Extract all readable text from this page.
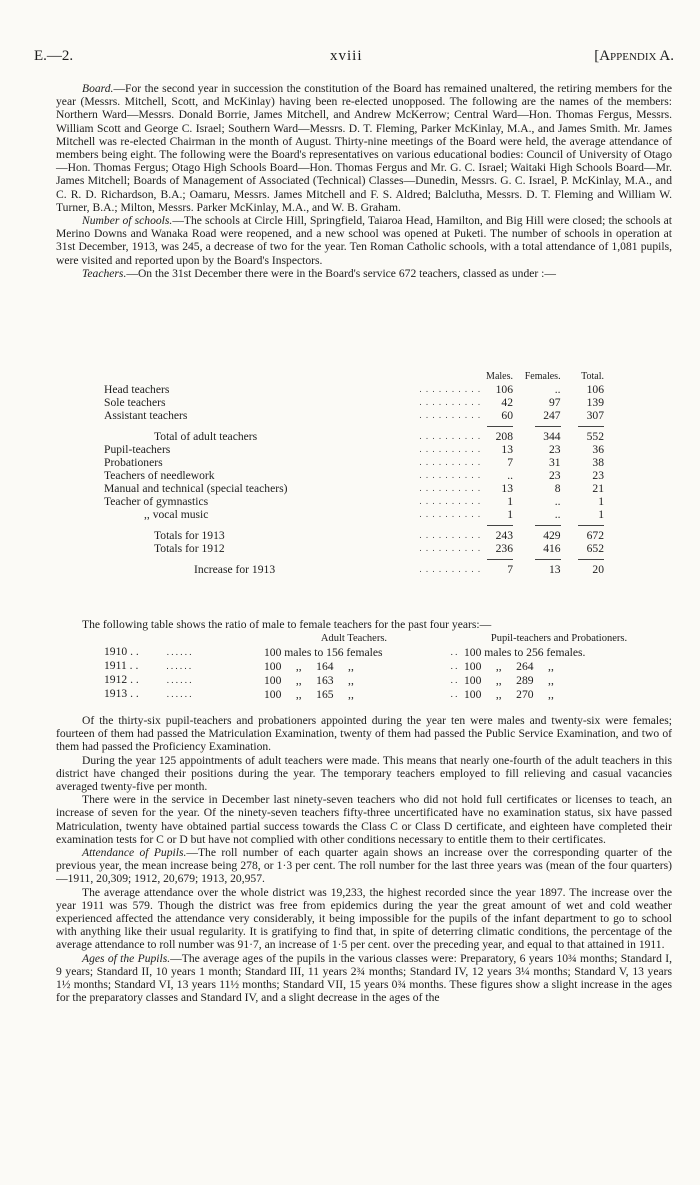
E.—2.	xviii	[Appendix A.

Board.—For the second year in succession the constitution of the Board has remained unaltered, the retiring members for the year (Messrs. Mitchell, Scott, and McKinlay) having been re-elected unopposed. The following are the names of the members: Northern Ward—Messrs. Donald Borrie, James Mitchell, and Andrew McKerrow; Central Ward—Hon. Thomas Fergus, Messrs. William Scott and George C. Israel; Southern Ward—Messrs. D. T. Fleming, Parker McKinlay, M.A., and James Smith. Mr. James Mitchell was re-elected Chairman in the month of August. Thirty-nine meetings of the Board were held, the average attendance of members being eight. The following were the Board's representatives on various educational bodies: Council of University of Otago—Hon. Thomas Fergus; Otago High Schools Board—Hon. Thomas Fergus and Mr. G. C. Israel; Waitaki High Schools Board—Mr. James Mitchell; Boards of Management of Associated (Technical) Classes—Dunedin, Messrs. G. C. Israel, P. McKinlay, M.A., and C. R. D. Richardson, B.A.; Oamaru, Messrs. James Mitchell and F. S. Aldred; Balclutha, Messrs. D. T. Fleming and William W. Turner, B.A.; Milton, Messrs. Parker McKinlay, M.A., and W. B. Graham.

Number of schools.—The schools at Circle Hill, Springfield, Taiaroa Head, Hamilton, and Big Hill were closed; the schools at Merino Downs and Wanaka Road were reopened, and a new school was opened at Puketi. The number of schools in operation at 31st December, 1913, was 245, a decrease of two for the year. Ten Roman Catholic schools, with a total attendance of 1,081 pupils, were visited and reported upon by the Board's Inspectors.

Teachers.—On the 31st December there were in the Board's service 672 teachers, classed as under :—

		Males.	Females.	Total.
Head teachers	. . . . . . . . . .	106	..	106
Sole teachers	. . . . . . . . . .	42	97	139
Assistant teachers	. . . . . . . . . .	60	247	307

Total of adult teachers	. . . . . . . . . .	208	344	552
Pupil-teachers	. . . . . . . . . .	13	23	36
Probationers	. . . . . . . . . .	7	31	38
Teachers of needlework	. . . . . . . . . .	..	23	23
Manual and technical (special teachers)	. . . . . . . . . .	13	8	21
Teacher of gymnastics	. . . . . . . . . .	1	..	1
,, vocal music	. . . . . . . . . .	1	..	1

Totals for 1913	. . . . . . . . . .	243	429	672
Totals for 1912	. . . . . . . . . .	236	416	652

Increase for 1913	. . . . . . . . . .	7	13	20

The following table shows the ratio of male to female teachers for the past four years:—

	Adult Teachers.		Pupil-teachers and Probationers.
1910 . . . . . . . .	100 males to 156 females	. .	100 males to 256 females.
1911 . . . . . . . .	100     ,,     164     ,,	. .	100     ,,     264     ,,
1912 . . . . . . . .	100     ,,     163     ,,	. .	100     ,,     289     ,,
1913 . . . . . . . .	100     ,,     165     ,,	. .	100     ,,     270     ,,

Of the thirty-six pupil-teachers and probationers appointed during the year ten were males and twenty-six were females; fourteen of them had passed the Matriculation Examination, twenty of them had passed the Public Service Examination, and two of them had passed the Proficiency Examination.

During the year 125 appointments of adult teachers were made. This means that nearly one-fourth of the adult teachers in this district have changed their positions during the year. The temporary teachers employed to fill relieving and casual vacancies averaged twenty-five per month.

There were in the service in December last ninety-seven teachers who did not hold full certificates or licenses to teach, an increase of seven for the year. Of the ninety-seven teachers fifty-three uncertificated have no examination status, six have passed Matriculation, twenty have obtained partial success towards the Class C or Class D certificate, and eighteen have completed their examination tests for C or D but have not complied with other conditions necessary to entitle them to their certificates.

Attendance of Pupils.—The roll number of each quarter again shows an increase over the corresponding quarter of the previous year, the mean increase being 278, or 1·3 per cent. The roll number for the last three years was (mean of the four quarters)—1911, 20,309; 1912, 20,679; 1913, 20,957.

The average attendance over the whole district was 19,233, the highest recorded since the year 1897. The increase over the year 1911 was 579. Though the district was free from epidemics during the year the great amount of wet and cold weather experienced affected the attendance very considerably, it being impossible for the pupils of the infant department to go to school with anything like their usual regularity. It is gratifying to find that, in spite of deterring climatic conditions, the percentage of the average attendance to roll number was 91·7, an increase of 1·5 per cent. over the preceding year, and equal to that attained in 1911.

Ages of the Pupils.—The average ages of the pupils in the various classes were: Preparatory, 6 years 10¾ months; Standard I, 9 years; Standard II, 10 years 1 month; Standard III, 11 years 2¾ months; Standard IV, 12 years 3¼ months; Standard V, 13 years 1½ months; Standard VI, 13 years 11½ months; Standard VII, 15 years 0¾ months. These figures show a slight increase in the ages for the preparatory classes and Standard IV, and a slight decrease in the ages of the
